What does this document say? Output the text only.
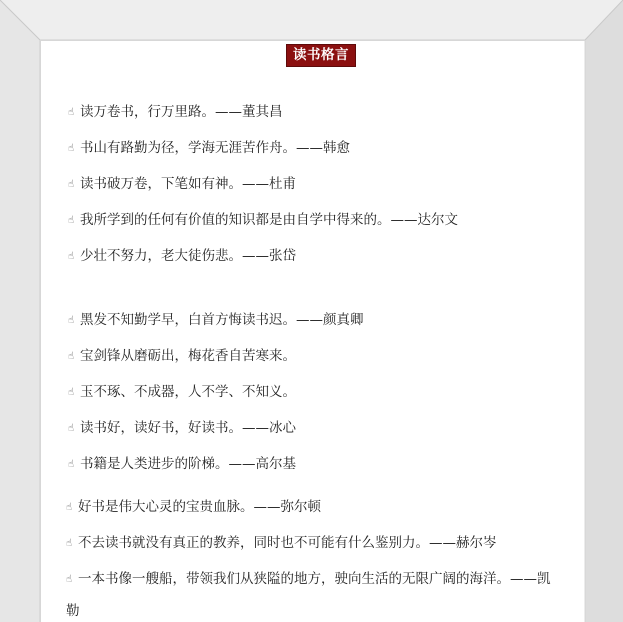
读书格言
☝ 读万卷书，行万里路。——董其昌
☝ 书山有路勤为径，学海无涯苦作舟。——韩愈
☝ 读书破万卷，下笔如有神。——杜甫
☝ 我所学到的任何有价值的知识都是由自学中得来的。——达尔文
☝ 少壮不努力，老大徒伤悲。——张岱
☝ 黑发不知勤学早，白首方悔读书迟。——颜真卿
☝ 宝剑锋从磨砺出，梅花香自苦寒来。
☝ 玉不琢、不成器，人不学、不知义。
☝ 读书好，读好书，好读书。——冰心
☝ 书籍是人类进步的阶梯。——高尔基
☝ 好书是伟大心灵的宝贵血脉。——弥尔顿
☝ 不去读书就没有真正的教养，同时也不可能有什么鉴别力。——赫尔岑
☝ 一本书像一艘船，带领我们从狭隘的地方，驶向生活的无限广阔的海洋。——凯
勒
